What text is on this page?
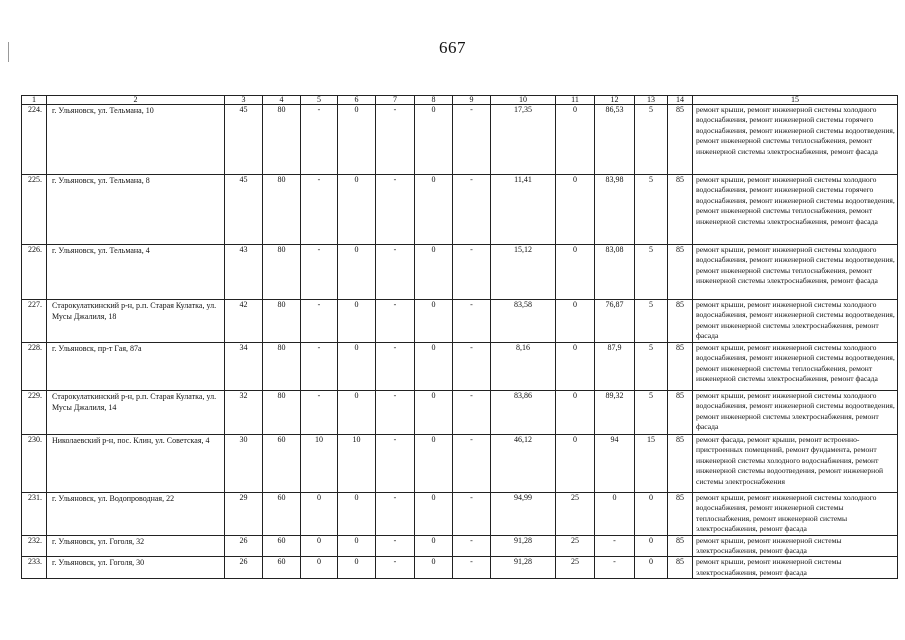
667
1	2	3	4	5	6	7	8	9	10	11	12	13	14	15
224.	г. Ульяновск, ул. Тельмана, 10	45	80	-	0	-	0	-	17,35	0	86,53	5	85	ремонт крыши, ремонт инженерной системы холодного водоснабжения, ремонт инженерной системы горячего водоснабжения, ремонт инженерной системы водоотведения, ремонт инженерной системы теплоснабжения, ремонт инженерной системы электроснабжения, ремонт фасада
225.	г. Ульяновск, ул. Тельмана, 8	45	80	-	0	-	0	-	11,41	0	83,98	5	85	ремонт крыши, ремонт инженерной системы холодного водоснабжения, ремонт инженерной системы горячего водоснабжения, ремонт инженерной системы водоотведения, ремонт инженерной системы теплоснабжения, ремонт инженерной системы электроснабжения, ремонт фасада
226.	г. Ульяновск, ул. Тельмана, 4	43	80	-	0	-	0	-	15,12	0	83,08	5	85	ремонт крыши, ремонт инженерной системы холодного водоснабжения, ремонт инженерной системы водоотведения, ремонт инженерной системы теплоснабжения, ремонт инженерной системы электроснабжения, ремонт фасада
227.	Старокулаткинский р-н, р.п. Старая Кулатка, ул. Мусы Джалиля, 18	42	80	-	0	-	0	-	83,58	0	76,87	5	85	ремонт крыши, ремонт инженерной системы холодного водоснабжения, ремонт инженерной системы водоотведения, ремонт инженерной системы электроснабжения, ремонт фасада
228.	г. Ульяновск, пр-т Гая, 87а	34	80	-	0	-	0	-	8,16	0	87,9	5	85	ремонт крыши, ремонт инженерной системы холодного водоснабжения, ремонт инженерной системы водоотведения, ремонт инженерной системы теплоснабжения, ремонт инженерной системы электроснабжения, ремонт фасада
229.	Старокулаткинский р-н, р.п. Старая Кулатка, ул. Мусы Джалиля, 14	32	80	-	0	-	0	-	83,86	0	89,32	5	85	ремонт крыши, ремонт инженерной системы холодного водоснабжения, ремонт инженерной системы водоотведения, ремонт инженерной системы электроснабжения, ремонт фасада
230.	Николаевский р-н, пос. Клин, ул. Советская, 4	30	60	10	10	-	0	-	46,12	0	94	15	85	ремонт фасада, ремонт крыши, ремонт встроенно-пристроенных помещений, ремонт фундамента, ремонт инженерной системы холодного водоснабжения, ремонт инженерной системы водоотведения, ремонт инженерной системы электроснабжения
231.	г. Ульяновск, ул. Водопроводная, 22	29	60	0	0	-	0	-	94,99	25	0	0	85	ремонт крыши, ремонт инженерной системы холодного водоснабжения, ремонт инженерной системы теплоснабжения, ремонт инженерной системы электроснабжения, ремонт фасада
232.	г. Ульяновск, ул. Гоголя, 32	26	60	0	0	-	0	-	91,28	25	-	0	85	ремонт крыши, ремонт инженерной системы электроснабжения, ремонт фасада
233.	г. Ульяновск, ул. Гоголя, 30	26	60	0	0	-	0	-	91,28	25	-	0	85	ремонт крыши, ремонт инженерной системы электроснабжения, ремонт фасада
